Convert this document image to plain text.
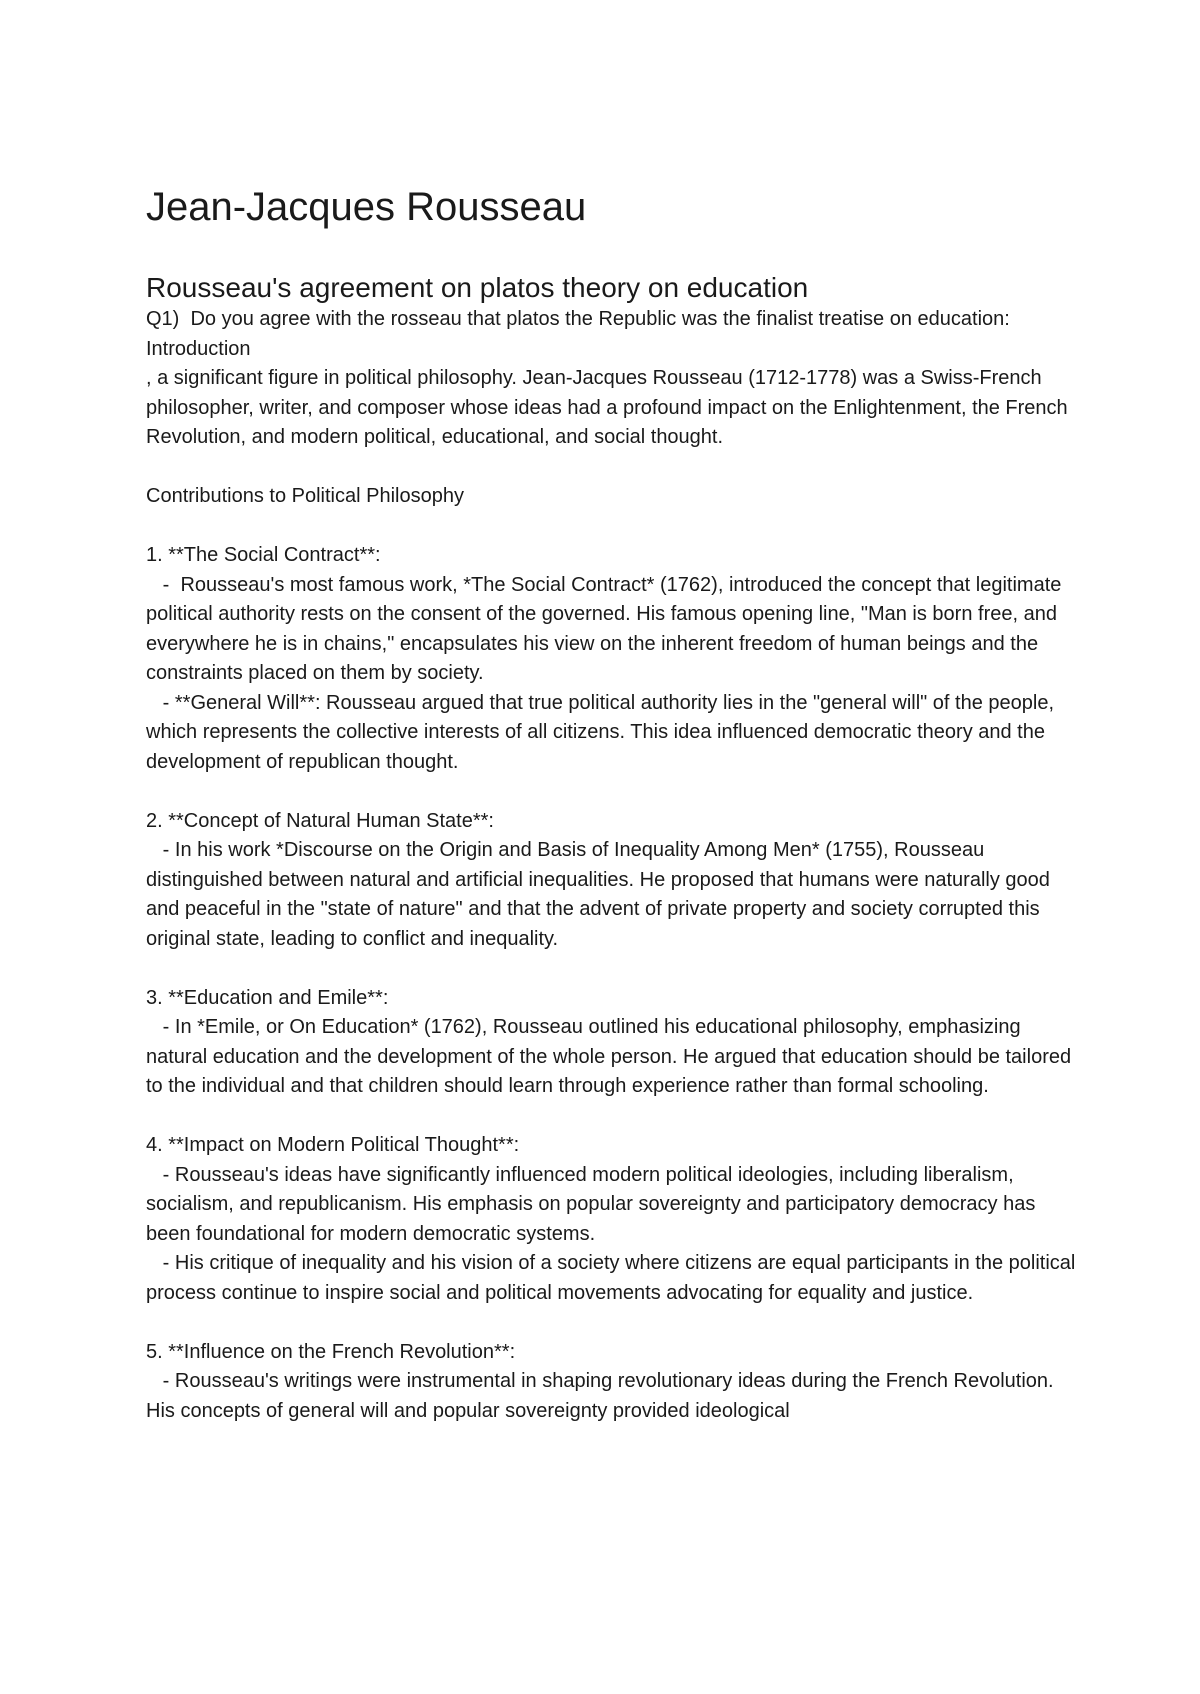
Jean-Jacques Rousseau
Rousseau's agreement on platos theory on education

Q1)  Do you agree with the rosseau that platos the Republic was the finalist treatise on education:

Introduction

, a significant figure in political philosophy. Jean-Jacques Rousseau (1712-1778) was a Swiss-French philosopher, writer, and composer whose ideas had a profound impact on the Enlightenment, the French Revolution, and modern political, educational, and social thought.

Contributions to Political Philosophy

1. **The Social Contract**:

-  Rousseau's most famous work, *The Social Contract* (1762), introduced the concept that legitimate political authority rests on the consent of the governed. His famous opening line, "Man is born free, and everywhere he is in chains," encapsulates his view on the inherent freedom of human beings and the constraints placed on them by society.

- **General Will**: Rousseau argued that true political authority lies in the "general will" of the people, which represents the collective interests of all citizens. This idea influenced democratic theory and the development of republican thought.

2. **Concept of Natural Human State**:

- In his work *Discourse on the Origin and Basis of Inequality Among Men* (1755), Rousseau distinguished between natural and artificial inequalities. He proposed that humans were naturally good and peaceful in the "state of nature" and that the advent of private property and society corrupted this original state, leading to conflict and inequality.

3. **Education and Emile**:

- In *Emile, or On Education* (1762), Rousseau outlined his educational philosophy, emphasizing natural education and the development of the whole person. He argued that education should be tailored to the individual and that children should learn through experience rather than formal schooling.

4. **Impact on Modern Political Thought**:

- Rousseau's ideas have significantly influenced modern political ideologies, including liberalism, socialism, and republicanism. His emphasis on popular sovereignty and participatory democracy has been foundational for modern democratic systems.

- His critique of inequality and his vision of a society where citizens are equal participants in the political process continue to inspire social and political movements advocating for equality and justice.

5. **Influence on the French Revolution**:

- Rousseau's writings were instrumental in shaping revolutionary ideas during the French Revolution. His concepts of general will and popular sovereignty provided ideological
